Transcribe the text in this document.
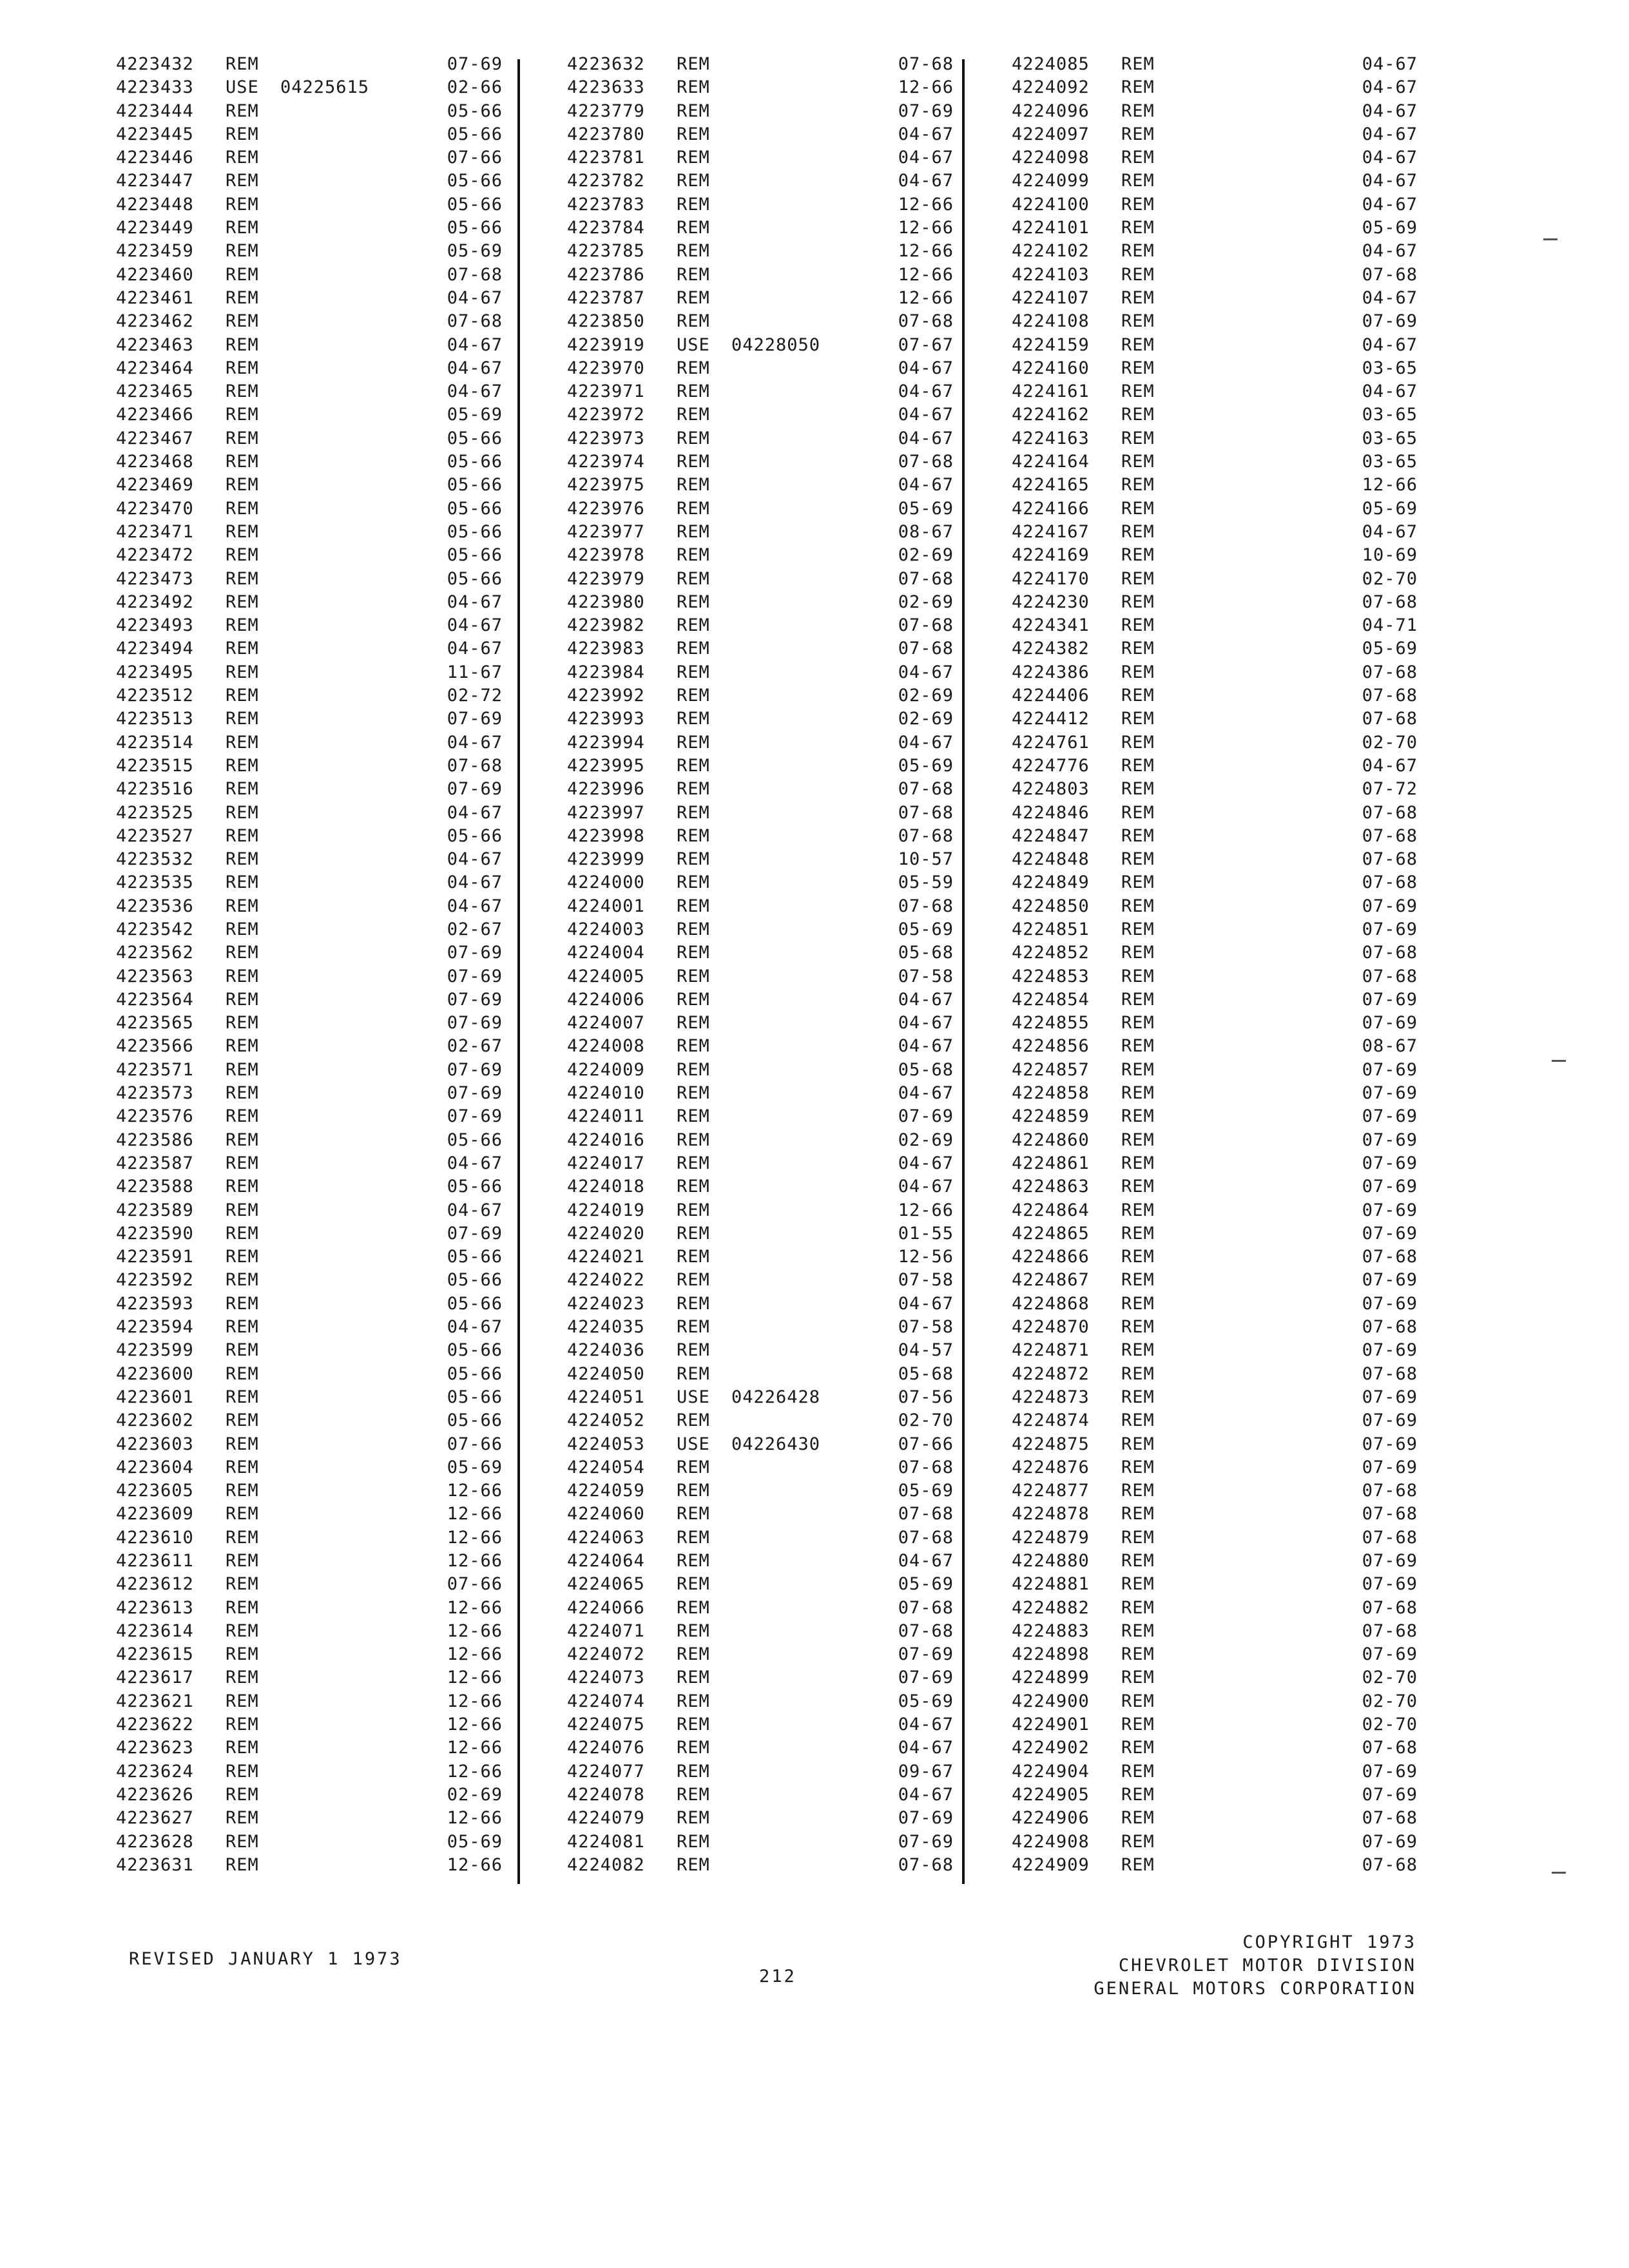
4223432 REM	07-69
4223433 USE 04225615	02-66
4223444 REM	05-66
4223445 REM	05-66
4223446 REM	07-66
4223447 REM	05-66
4223448 REM	05-66
4223449 REM	05-66
4223459 REM	05-69
4223460 REM	07-68
4223461 REM	04-67
4223462 REM	07-68
4223463 REM	04-67
4223464 REM	04-67
4223465 REM	04-67
4223466 REM	05-69
4223467 REM	05-66
4223468 REM	05-66
4223469 REM	05-66
4223470 REM	05-66
4223471 REM	05-66
4223472 REM	05-66
4223473 REM	05-66
4223492 REM	04-67
4223493 REM	04-67
4223494 REM	04-67
4223495 REM	11-67
4223512 REM	02-72
4223513 REM	07-69
4223514 REM	04-67
4223515 REM	07-68
4223516 REM	07-69
4223525 REM	04-67
4223527 REM	05-66
4223532 REM	04-67
4223535 REM	04-67
4223536 REM	04-67
4223542 REM	02-67
4223562 REM	07-69
4223563 REM	07-69
4223564 REM	07-69
4223565 REM	07-69
4223566 REM	02-67
4223571 REM	07-69
4223573 REM	07-69
4223576 REM	07-69
4223586 REM	05-66
4223587 REM	04-67
4223588 REM	05-66
4223589 REM	04-67
4223590 REM	07-69
4223591 REM	05-66
4223592 REM	05-66
4223593 REM	05-66
4223594 REM	04-67
4223599 REM	05-66
4223600 REM	05-66
4223601 REM	05-66
4223602 REM	05-66
4223603 REM	07-66
4223604 REM	05-69
4223605 REM	12-66
4223609 REM	12-66
4223610 REM	12-66
4223611 REM	12-66
4223612 REM	07-66
4223613 REM	12-66
4223614 REM	12-66
4223615 REM	12-66
4223617 REM	12-66
4223621 REM	12-66
4223622 REM	12-66
4223623 REM	12-66
4223624 REM	12-66
4223626 REM	02-69
4223627 REM	12-66
4223628 REM	05-69
4223631 REM	12-66
4223632 REM	07-68
4223633 REM	12-66
4223779 REM	07-69
4223780 REM	04-67
4223781 REM	04-67
4223782 REM	04-67
4223783 REM	12-66
4223784 REM	12-66
4223785 REM	12-66
4223786 REM	12-66
4223787 REM	12-66
4223850 REM	07-68
4223919 USE 04228050	07-67
4223970 REM	04-67
4223971 REM	04-67
4223972 REM	04-67
4223973 REM	04-67
4223974 REM	07-68
4223975 REM	04-67
4223976 REM	05-69
4223977 REM	08-67
4223978 REM	02-69
4223979 REM	07-68
4223980 REM	02-69
4223982 REM	07-68
4223983 REM	07-68
4223984 REM	04-67
4223992 REM	02-69
4223993 REM	02-69
4223994 REM	04-67
4223995 REM	05-69
4223996 REM	07-68
4223997 REM	07-68
4223998 REM	07-68
4223999 REM	10-57
4224000 REM	05-59
4224001 REM	07-68
4224003 REM	05-69
4224004 REM	05-68
4224005 REM	07-58
4224006 REM	04-67
4224007 REM	04-67
4224008 REM	04-67
4224009 REM	05-68
4224010 REM	04-67
4224011 REM	07-69
4224016 REM	02-69
4224017 REM	04-67
4224018 REM	04-67
4224019 REM	12-66
4224020 REM	01-55
4224021 REM	12-56
4224022 REM	07-58
4224023 REM	04-67
4224035 REM	07-58
4224036 REM	04-57
4224050 REM	05-68
4224051 USE 04226428	07-56
4224052 REM	02-70
4224053 USE 04226430	07-66
4224054 REM	07-68
4224059 REM	05-69
4224060 REM	07-68
4224063 REM	07-68
4224064 REM	04-67
4224065 REM	05-69
4224066 REM	07-68
4224071 REM	07-68
4224072 REM	07-69
4224073 REM	07-69
4224074 REM	05-69
4224075 REM	04-67
4224076 REM	04-67
4224077 REM	09-67
4224078 REM	04-67
4224079 REM	07-69
4224081 REM	07-69
4224082 REM	07-68
4224085 REM	04-67
4224092 REM	04-67
4224096 REM	04-67
4224097 REM	04-67
4224098 REM	04-67
4224099 REM	04-67
4224100 REM	04-67
4224101 REM	05-69
4224102 REM	04-67
4224103 REM	07-68
4224107 REM	04-67
4224108 REM	07-69
4224159 REM	04-67
4224160 REM	03-65
4224161 REM	04-67
4224162 REM	03-65
4224163 REM	03-65
4224164 REM	03-65
4224165 REM	12-66
4224166 REM	05-69
4224167 REM	04-67
4224169 REM	10-69
4224170 REM	02-70
4224230 REM	07-68
4224341 REM	04-71
4224382 REM	05-69
4224386 REM	07-68
4224406 REM	07-68
4224412 REM	07-68
4224761 REM	02-70
4224776 REM	04-67
4224803 REM	07-72
4224846 REM	07-68
4224847 REM	07-68
4224848 REM	07-68
4224849 REM	07-68
4224850 REM	07-69
4224851 REM	07-69
4224852 REM	07-68
4224853 REM	07-68
4224854 REM	07-69
4224855 REM	07-69
4224856 REM	08-67
4224857 REM	07-69
4224858 REM	07-69
4224859 REM	07-69
4224860 REM	07-69
4224861 REM	07-69
4224863 REM	07-69
4224864 REM	07-69
4224865 REM	07-69
4224866 REM	07-68
4224867 REM	07-69
4224868 REM	07-69
4224870 REM	07-68
4224871 REM	07-69
4224872 REM	07-68
4224873 REM	07-69
4224874 REM	07-69
4224875 REM	07-69
4224876 REM	07-69
4224877 REM	07-68
4224878 REM	07-68
4224879 REM	07-68
4224880 REM	07-69
4224881 REM	07-69
4224882 REM	07-68
4224883 REM	07-68
4224898 REM	07-69
4224899 REM	02-70
4224900 REM	02-70
4224901 REM	02-70
4224902 REM	07-68
4224904 REM	07-69
4224905 REM	07-69
4224906 REM	07-68
4224908 REM	07-69
4224909 REM	07-68
REVISED JANUARY 1 1973
212
COPYRIGHT 1973
CHEVROLET MOTOR DIVISION
GENERAL MOTORS CORPORATION
